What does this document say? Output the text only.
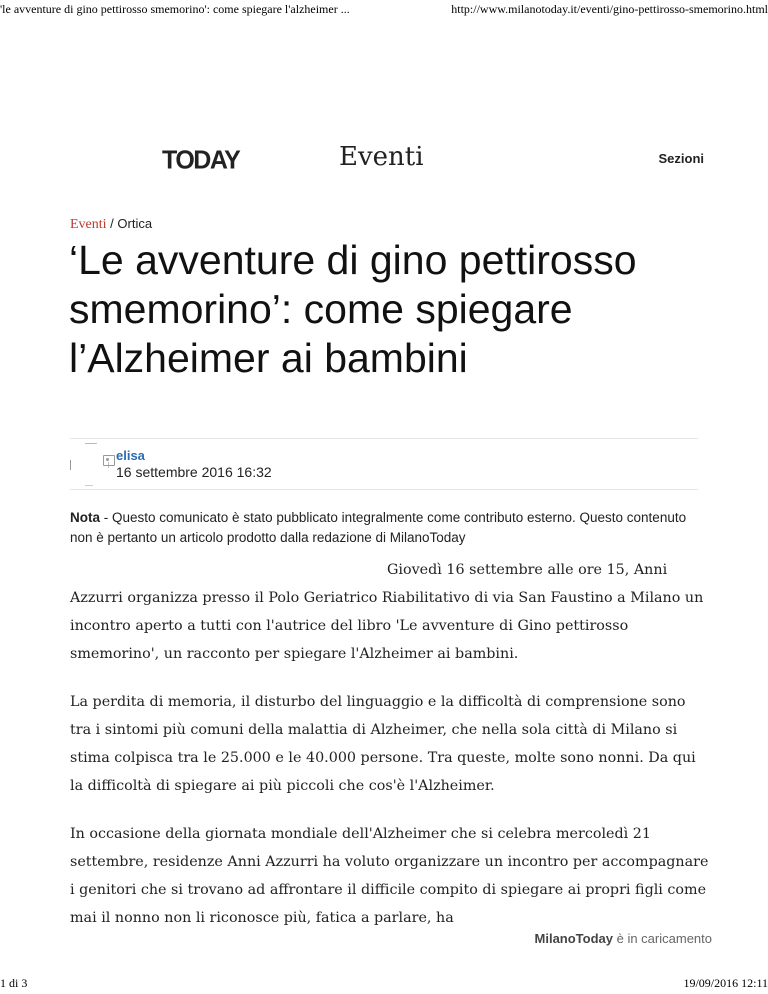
'le avventure di gino pettirosso smemorino': come spiegare l'alzheimer ...	http://www.milanotoday.it/eventi/gino-pettirosso-smemorino.html
TODAY	Eventi	Sezioni
Eventi / Ortica
‘Le avventure di gino pettirosso smemorino’: come spiegare l’Alzheimer ai bambini
elisa
16 settembre 2016 16:32
Nota - Questo comunicato è stato pubblicato integralmente come contributo esterno. Questo contenuto non è pertanto un articolo prodotto dalla redazione di MilanoToday

Giovedì 16 settembre alle ore 15, Anni Azzurri organizza presso il Polo Geriatrico Riabilitativo di via San Faustino a Milano un incontro aperto a tutti con l'autrice del libro 'Le avventure di Gino pettirosso smemorino', un racconto per spiegare l'Alzheimer ai bambini.

La perdita di memoria, il disturbo del linguaggio e la difficoltà di comprensione sono tra i sintomi più comuni della malattia di Alzheimer, che nella sola città di Milano si stima colpisca tra le 25.000 e le 40.000 persone. Tra queste, molte sono nonni. Da qui la difficoltà di spiegare ai più piccoli che cos'è l'Alzheimer.

In occasione della giornata mondiale dell'Alzheimer che si celebra mercoledì 21 settembre, residenze Anni Azzurri ha voluto organizzare un incontro per accompagnare i genitori che si trovano ad affrontare il difficile compito di spiegare ai propri figli come mai il nonno non li riconosce più, fatica a parlare, ha

MilanoToday è in caricamento
1 di 3	19/09/2016 12:11
